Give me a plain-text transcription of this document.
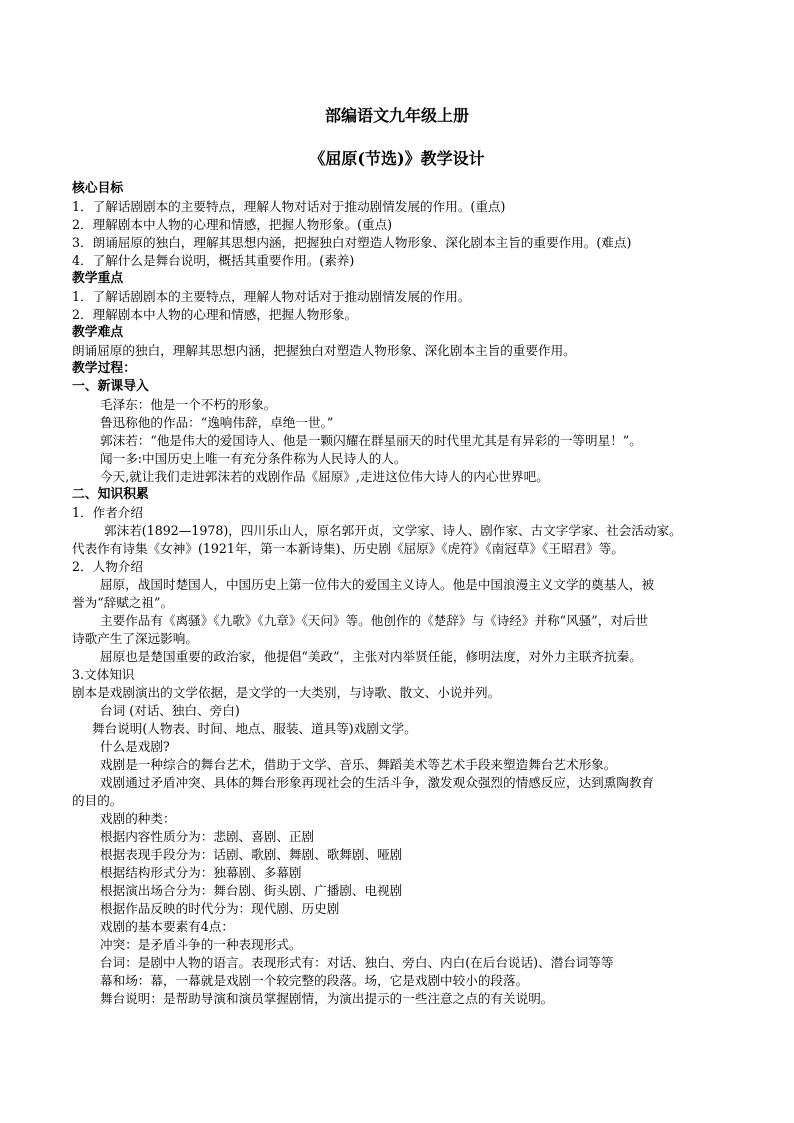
部编语文九年级上册
《屈原(节选)》教学设计
核心目标
1．了解话剧剧本的主要特点，理解人物对话对于推动剧情发展的作用。(重点)
2．理解剧本中人物的心理和情感，把握人物形象。(重点)
3．朗诵屈原的独白，理解其思想内涵，把握独白对塑造人物形象、深化剧本主旨的重要作用。(难点)
4．了解什么是舞台说明，概括其重要作用。(素养)
教学重点
1．了解话剧剧本的主要特点，理解人物对话对于推动剧情发展的作用。
2．理解剧本中人物的心理和情感，把握人物形象。
教学难点
朗诵屈原的独白，理解其思想内涵，把握独白对塑造人物形象、深化剧本主旨的重要作用。
教学过程：
一、新课导入
毛泽东：他是一个不朽的形象。
鲁迅称他的作品：“逸响伟辞，卓绝一世。”
郭沫若：“他是伟大的爱国诗人、他是一颗闪耀在群星丽天的时代里尤其是有异彩的一等明星！”。
闻一多:中国历史上唯一有充分条件称为人民诗人的人。
今天,就让我们走进郭沫若的戏剧作品《屈原》,走进这位伟大诗人的内心世界吧。
二、知识积累
1．作者介绍
郭沫若(1892—1978)，四川乐山人，原名郭开贞，文学家、诗人、剧作家、古文字学家、社会活动家。
代表作有诗集《女神》(1921年，第一本新诗集)、历史剧《屈原》《虎符》《南冠草》《王昭君》等。
2．人物介绍
屈原，战国时楚国人，中国历史上第一位伟大的爱国主义诗人。他是中国浪漫主义文学的奠基人，被
誉为“辞赋之祖”。
主要作品有《离骚》《九歌》《九章》《天问》等。他创作的《楚辞》与《诗经》并称“风骚”，对后世
诗歌产生了深远影响。
屈原也是楚国重要的政治家，他提倡“美政”，主张对内举贤任能，修明法度，对外力主联齐抗秦。
3.文体知识
剧本是戏剧演出的文学依据，是文学的一大类别，与诗歌、散文、小说并列。
台词 (对话、独白、旁白)
舞台说明(人物表、时间、地点、服装、道具等)戏剧文学。
什么是戏剧?
戏剧是一种综合的舞台艺术，借助于文学、音乐、舞蹈美术等艺术手段来塑造舞台艺术形象。
戏剧通过矛盾冲突、具体的舞台形象再现社会的生活斗争，激发观众强烈的情感反应，达到熏陶教育
的目的。
戏剧的种类：
根据内容性质分为：悲剧、喜剧、正剧
根据表现手段分为：话剧、歌剧、舞剧、歌舞剧、哑剧
根据结构形式分为：独幕剧、多幕剧
根据演出场合分为：舞台剧、街头剧、广播剧、电视剧
根据作品反映的时代分为：现代剧、历史剧
戏剧的基本要素有4点：
冲突：是矛盾斗争的一种表现形式。
台词：是剧中人物的语言。表现形式有：对话、独白、旁白、内白(在后台说话)、潜台词等等
幕和场：幕，一幕就是戏剧一个较完整的段落。场，它是戏剧中较小的段落。
舞台说明：是帮助导演和演员掌握剧情，为演出提示的一些注意之点的有关说明。
